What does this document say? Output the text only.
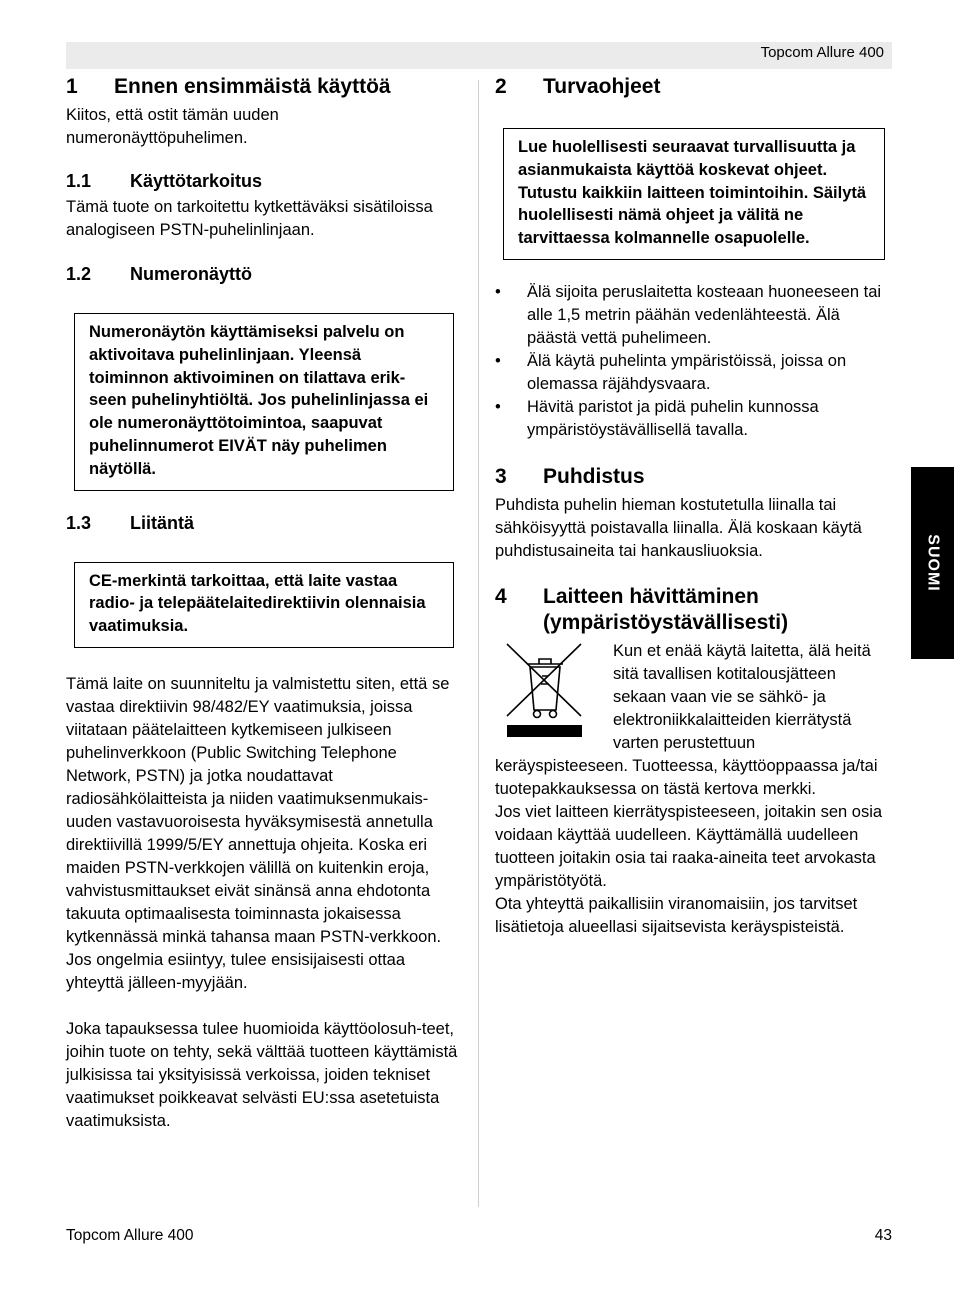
Topcom Allure 400
1	Ennen ensimmäistä käyttöä

Kiitos, että ostit tämän uuden numeronäyttöpuhelimen.

1.1	Käyttötarkoitus

Tämä tuote on tarkoitettu kytkettäväksi sisätiloissa analogiseen PSTN-puhelinlinjaan.

1.2	Numeronäyttö
Numeronäytön käyttämiseksi palvelu on aktivoitava puhelinlinjaan. Yleensä toiminnon aktivoiminen on tilattava erik-seen puhelinyhtiöltä. Jos puhelinlinjassa ei ole numeronäyttötoimintoa, saapuvat puhelinnumerot EIVÄT näy puhelimen näytöllä.
1.3	Liitäntä
CE-merkintä tarkoittaa, että laite vastaa radio- ja telepäätelaitedirektiivin olennaisia vaatimuksia.

Tämä laite on suunniteltu ja valmistettu siten, että se vastaa direktiivin 98/482/EY vaatimuksia, joissa viitataan päätelaitteen kytkemiseen julkiseen puhelinverkkoon (Public Switching Telephone Network, PSTN) ja jotka noudattavat radiosähkölaitteista ja niiden vaatimuksenmukais-uuden vastavuoroisesta hyväksymisestä annetulla direktiivillä 1999/5/EY annettuja ohjeita. Koska eri maiden PSTN-verkkojen välillä on kuitenkin eroja, vahvistusmittaukset eivät sinänsä anna ehdotonta takuuta optimaalisesta toiminnasta jokaisessa kytkennässä minkä tahansa maan PSTN-verkkoon. Jos ongelmia esiintyy, tulee ensisijaisesti ottaa yhteyttä jälleen-myyjään.

Joka tapauksessa tulee huomioida käyttöolosuh-teet, joihin tuote on tehty, sekä välttää tuotteen käyttämistä julkisissa tai yksityisissä verkoissa, joiden tekniset vaatimukset poikkeavat selvästi EU:ssa asetetuista vaatimuksista.

2	Turvaohjeet
Lue huolellisesti seuraavat turvallisuutta ja asianmukaista käyttöä koskevat ohjeet. Tutustu kaikkiin laitteen toimintoihin. Säilytä huolellisesti nämä ohjeet ja välitä ne tarvittaessa kolmannelle osapuolelle.
• Älä sijoita peruslaitetta kosteaan huoneeseen tai alle 1,5 metrin päähän vedenlähteestä. Älä päästä vettä puhelimeen.
• Älä käytä puhelinta ympäristöissä, joissa on olemassa räjähdysvaara.
• Hävitä paristot ja pidä puhelin kunnossa ympäristöystävällisellä tavalla.
3	Puhdistus

Puhdista puhelin hieman kostutetulla liinalla tai sähköisyyttä poistavalla liinalla. Älä koskaan käytä puhdistusaineita tai hankausliuoksia.

4	Laitteen hävittäminen (ympäristöystävällisesti)

Kun et enää käytä laitetta, älä heitä sitä tavallisen kotitalousjätteen sekaan vaan vie se sähkö- ja elektroniikkalaitteiden kierrätystä varten perustettuun keräyspisteeseen. Tuotteessa, käyttöoppaassa ja/tai tuotepakkauksessa on tästä kertova merkki.

Jos viet laitteen kierrätyspisteeseen, joitakin sen osia voidaan käyttää uudelleen. Käyttämällä uudelleen tuotteen joitakin osia tai raaka-aineita teet arvokasta ympäristötyötä.

Ota yhteyttä paikallisiin viranomaisiin, jos tarvitset lisätietoja alueellasi sijaitsevista keräyspisteistä.

SUOMI
Topcom Allure 400	43
